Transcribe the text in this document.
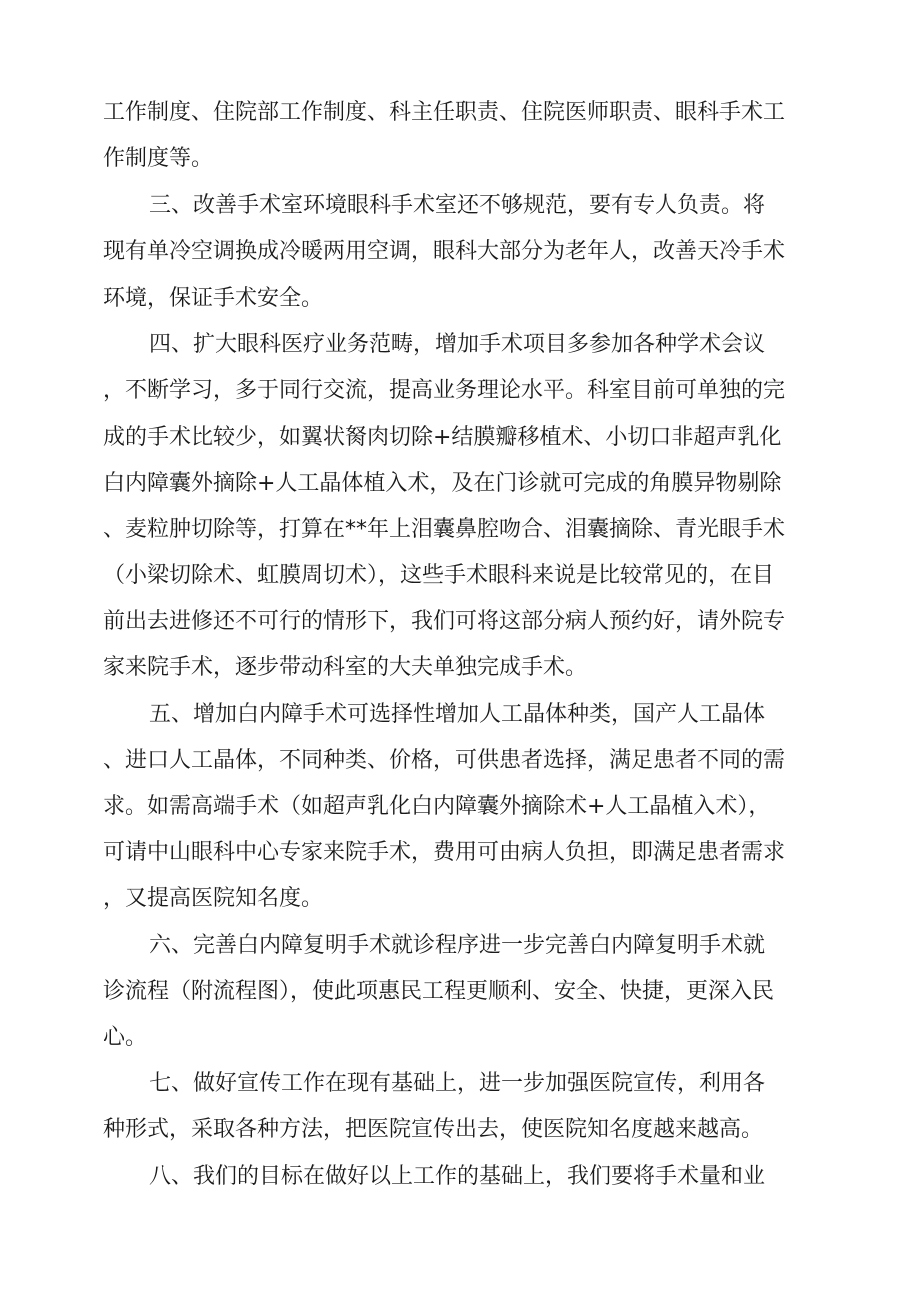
工作制度、住院部工作制度、科主任职责、住院医师职责、眼科手术工
作制度等。
三、改善手术室环境眼科手术室还不够规范，要有专人负责。将
现有单冷空调换成冷暖两用空调，眼科大部分为老年人，改善天冷手术
环境，保证手术安全。
四、扩大眼科医疗业务范畴，增加手术项目多参加各种学术会议
，不断学习，多于同行交流，提高业务理论水平。科室目前可单独的完
成的手术比较少，如翼状胬肉切除+结膜瓣移植术、小切口非超声乳化
白内障囊外摘除+人工晶体植入术，及在门诊就可完成的角膜异物剔除
、麦粒肿切除等，打算在**年上泪囊鼻腔吻合、泪囊摘除、青光眼手术
（小梁切除术、虹膜周切术），这些手术眼科来说是比较常见的，在目
前出去进修还不可行的情形下，我们可将这部分病人预约好，请外院专
家来院手术，逐步带动科室的大夫单独完成手术。
五、增加白内障手术可选择性增加人工晶体种类，国产人工晶体
、进口人工晶体，不同种类、价格，可供患者选择，满足患者不同的需
求。如需高端手术（如超声乳化白内障囊外摘除术+人工晶植入术），
可请中山眼科中心专家来院手术，费用可由病人负担，即满足患者需求
，又提高医院知名度。
六、完善白内障复明手术就诊程序进一步完善白内障复明手术就
诊流程（附流程图），使此项惠民工程更顺利、安全、快捷，更深入民
心。
七、做好宣传工作在现有基础上，进一步加强医院宣传，利用各
种形式，采取各种方法，把医院宣传出去，使医院知名度越来越高。
八、我们的目标在做好以上工作的基础上，我们要将手术量和业
